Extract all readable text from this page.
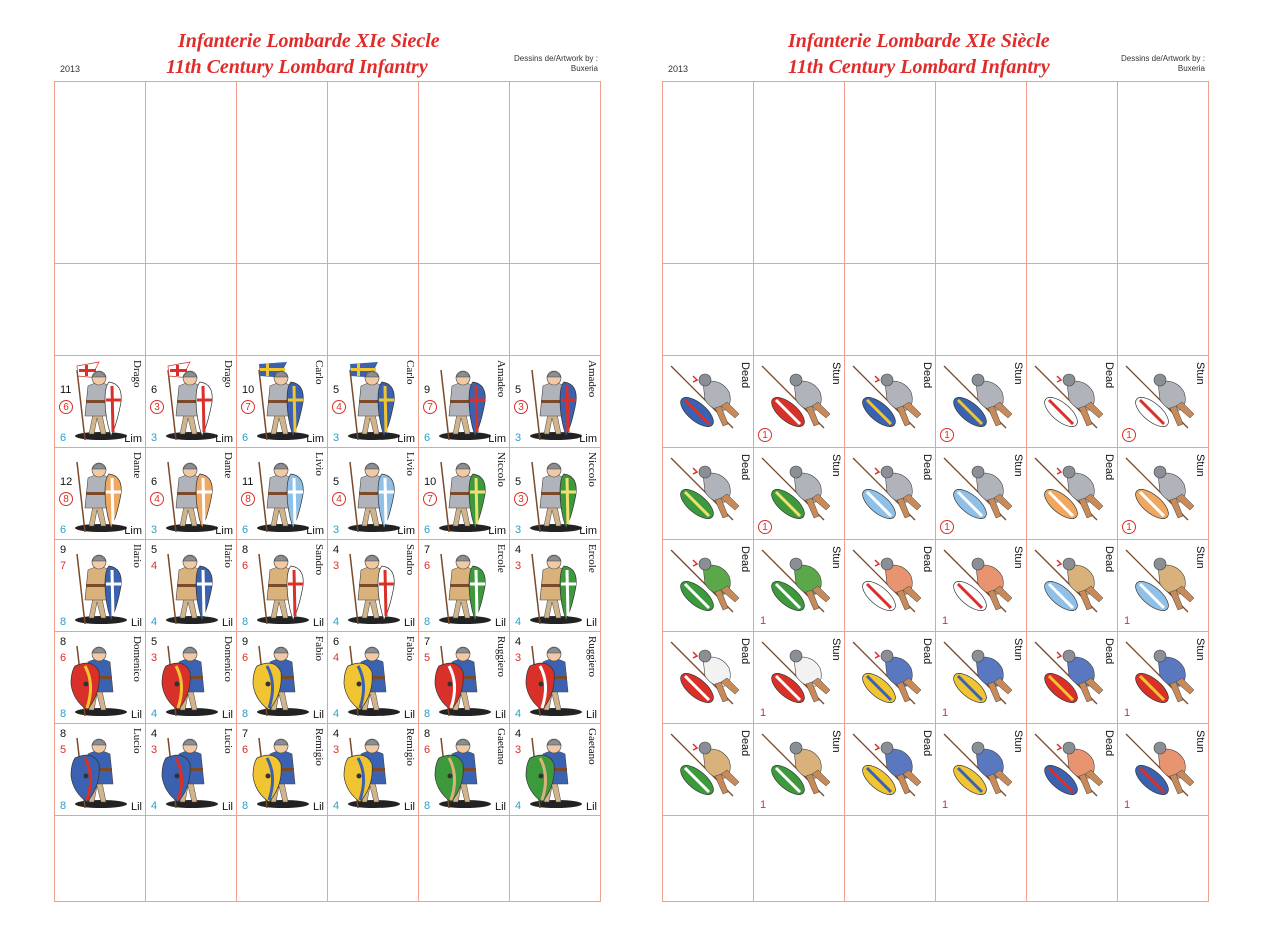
Infanterie Lombarde XIe Siecle
11th Century Lombard Infantry
2013
Dessins de/Artwork by :
Buxeria
11
6
6
Drago
Lim
6
3
3
Drago
Lim
10
7
6
Carlo
Lim
5
4
3
Carlo
Lim
9
7
6
Amadeo
Lim
5
3
3
Amadeo
Lim
12
8
6
Dante
Lim
6
4
3
Dante
Lim
11
8
6
Livio
Lim
5
4
3
Livio
Lim
10
7
6
Niccolo
Lim
5
3
3
Niccolo
Lim
9
7
8
Ilario
Lil
5
4
4
Ilario
Lil
8
6
8
Sandro
Lil
4
3
4
Sandro
Lil
7
6
8
Ercole
Lil
4
3
4
Ercole
Lil
8
6
8
Domenico
Lil
5
3
4
Domenico
Lil
9
6
8
Fabio
Lil
6
4
4
Fabio
Lil
7
5
8
Ruggiero
Lil
4
3
4
Ruggiero
Lil
8
5
8
Lucio
Lil
4
3
4
Lucio
Lil
7
6
8
Remigio
Lil
4
3
4
Remigio
Lil
8
6
8
Gaetano
Lil
4
3
4
Gaetano
Lil
Infanterie Lombarde XIe Siècle
11th Century Lombard Infantry
2013
Dessins de/Artwork by :
Buxeria
Dead	Stun
1
Dead	Stun
1
Dead	Stun
1
Dead	Stun
1
Dead	Stun
1
Dead	Stun
1
Dead	Stun
1
Dead	Stun
1
Dead	Stun
1
Dead	Stun
1
Dead	Stun
1
Dead	Stun
1
Dead	Stun
1
Dead	Stun
1
Dead	Stun
1
